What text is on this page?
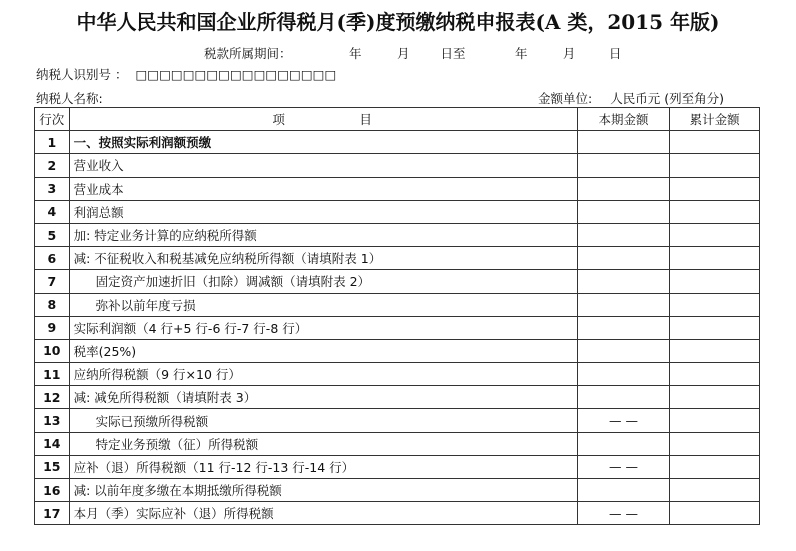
中华人民共和国企业所得税月(季)度预缴纳税申报表(A 类，2015 年版)
税款所属期间：	年	月 日至	年	月	日
纳税人识别号 ： □□□□□□□□□□□□□□□□□
纳税人名称:	金额单位: 人民币元 (列至角分)
行次	项　　　　　目	本期金额	累计金额
1	一、按照实际利润额预缴		
2	营业收入		
3	营业成本		
4	利润总额		
5	加: 特定业务计算的应纳税所得额		
6	减: 不征税收入和税基减免应纳税所得额（请填附表 1）		
7	固定资产加速折旧（扣除）调减额（请填附表 2）		
8	弥补以前年度亏损		
9	实际利润额（4 行+5 行-6 行-7 行-8 行）		
10	税率(25%)		
11	应纳所得税额（9 行×10 行）		
12	减: 减免所得税额（请填附表 3）		
13	实际已预缴所得税额	— —	
14	特定业务预缴（征）所得税额		
15	应补（退）所得税额（11 行-12 行-13 行-14 行）	— —	
16	减: 以前年度多缴在本期抵缴所得税额		
17	本月（季）实际应补（退）所得税额	— —	
